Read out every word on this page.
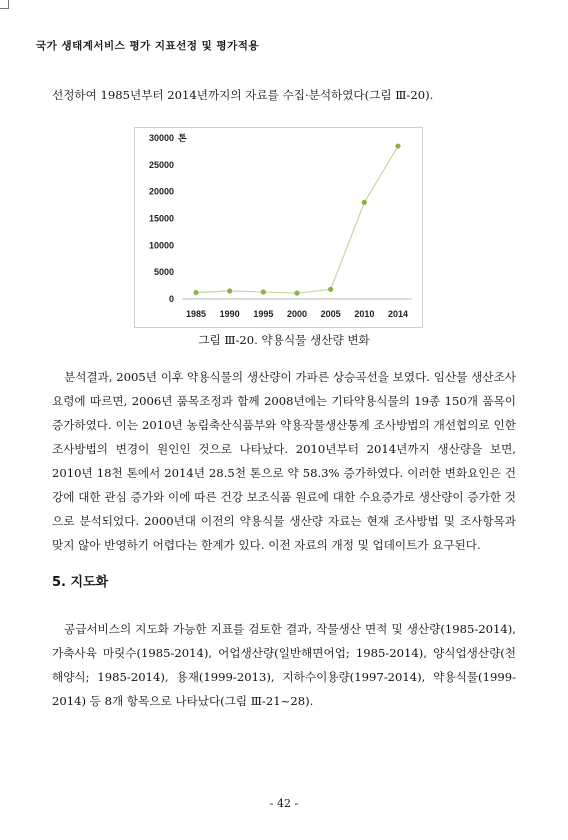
국가 생태계서비스 평가 지표선정 및 평가적용

선정하여 1985년부터 2014년까지의 자료를 수집·분석하였다(그림 Ⅲ-20).

0
5000
10000
15000
20000
25000
30000 톤
1985 1990 1995 2000 2005 2010 2014
그림 Ⅲ-20. 약용식물 생산량 변화

분석결과, 2005년 이후 약용식물의 생산량이 가파른 상승곡선을 보였다. 임산물 생산조사요령에 따르면, 2006년 품목조정과 함께 2008년에는 기타약용식물의 19종 150개 품목이 증가하였다. 이는 2010년 농림축산식품부와 약용작물생산통계 조사방법의 개선협의로 인한 조사방법의 변경이 원인인 것으로 나타났다. 2010년부터 2014년까지 생산량을 보면, 2010년 18천 톤에서 2014년 28.5천 톤으로 약 58.3% 증가하였다. 이러한 변화요인은 건강에 대한 관심 증가와 이에 따른 건강 보조식품 원료에 대한 수요증가로 생산량이 증가한 것으로 분석되었다. 2000년대 이전의 약용식물 생산량 자료는 현재 조사방법 및 조사항목과 맞지 않아 반영하기 어렵다는 한계가 있다. 이전 자료의 개정 및 업데이트가 요구된다.

5. 지도화

공급서비스의 지도화 가능한 지표를 검토한 결과, 작물생산 면적 및 생산량(1985-2014), 가축사육 마릿수(1985-2014), 어업생산량(일반해면어업; 1985-2014), 양식업생산량(천해양식; 1985-2014), 용재(1999-2013), 지하수이용량(1997-2014), 약용식물(1999-2014) 등 8개 항목으로 나타났다(그림 Ⅲ-21~28).

- 42 -
